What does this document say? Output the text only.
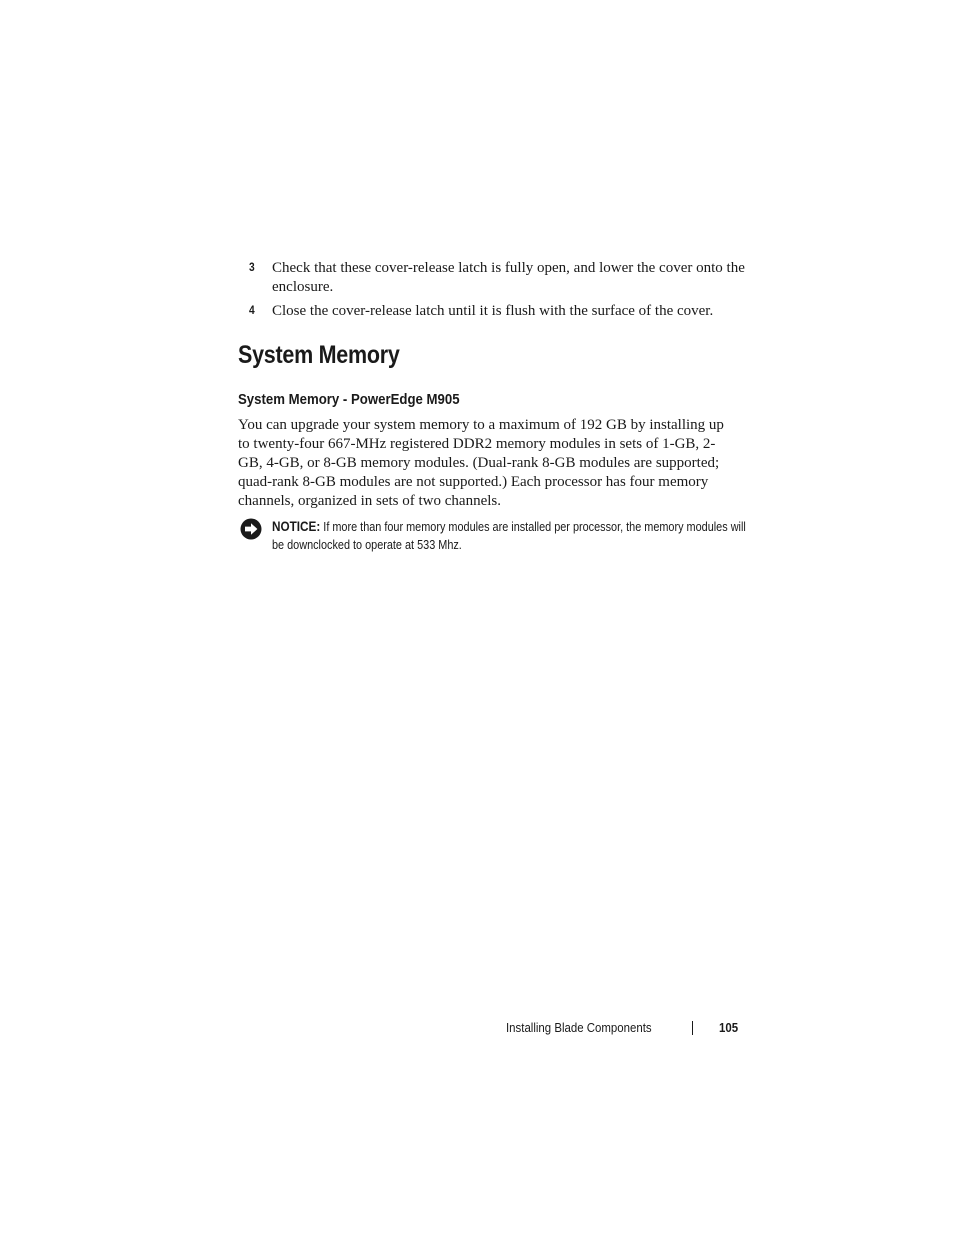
3 Check that these cover-release latch is fully open, and lower the cover onto the enclosure.
4 Close the cover-release latch until it is flush with the surface of the cover.
System Memory
System Memory - PowerEdge M905

You can upgrade your system memory to a maximum of 192 GB by installing up to twenty-four 667-MHz registered DDR2 memory modules in sets of 1-GB, 2-GB, 4-GB, or 8-GB memory modules. (Dual-rank 8-GB modules are supported; quad-rank 8-GB modules are not supported.) Each processor has four memory channels, organized in sets of two channels.

NOTICE: If more than four memory modules are installed per processor, the memory modules will be downclocked to operate at 533 Mhz.

Installing Blade Components	105
